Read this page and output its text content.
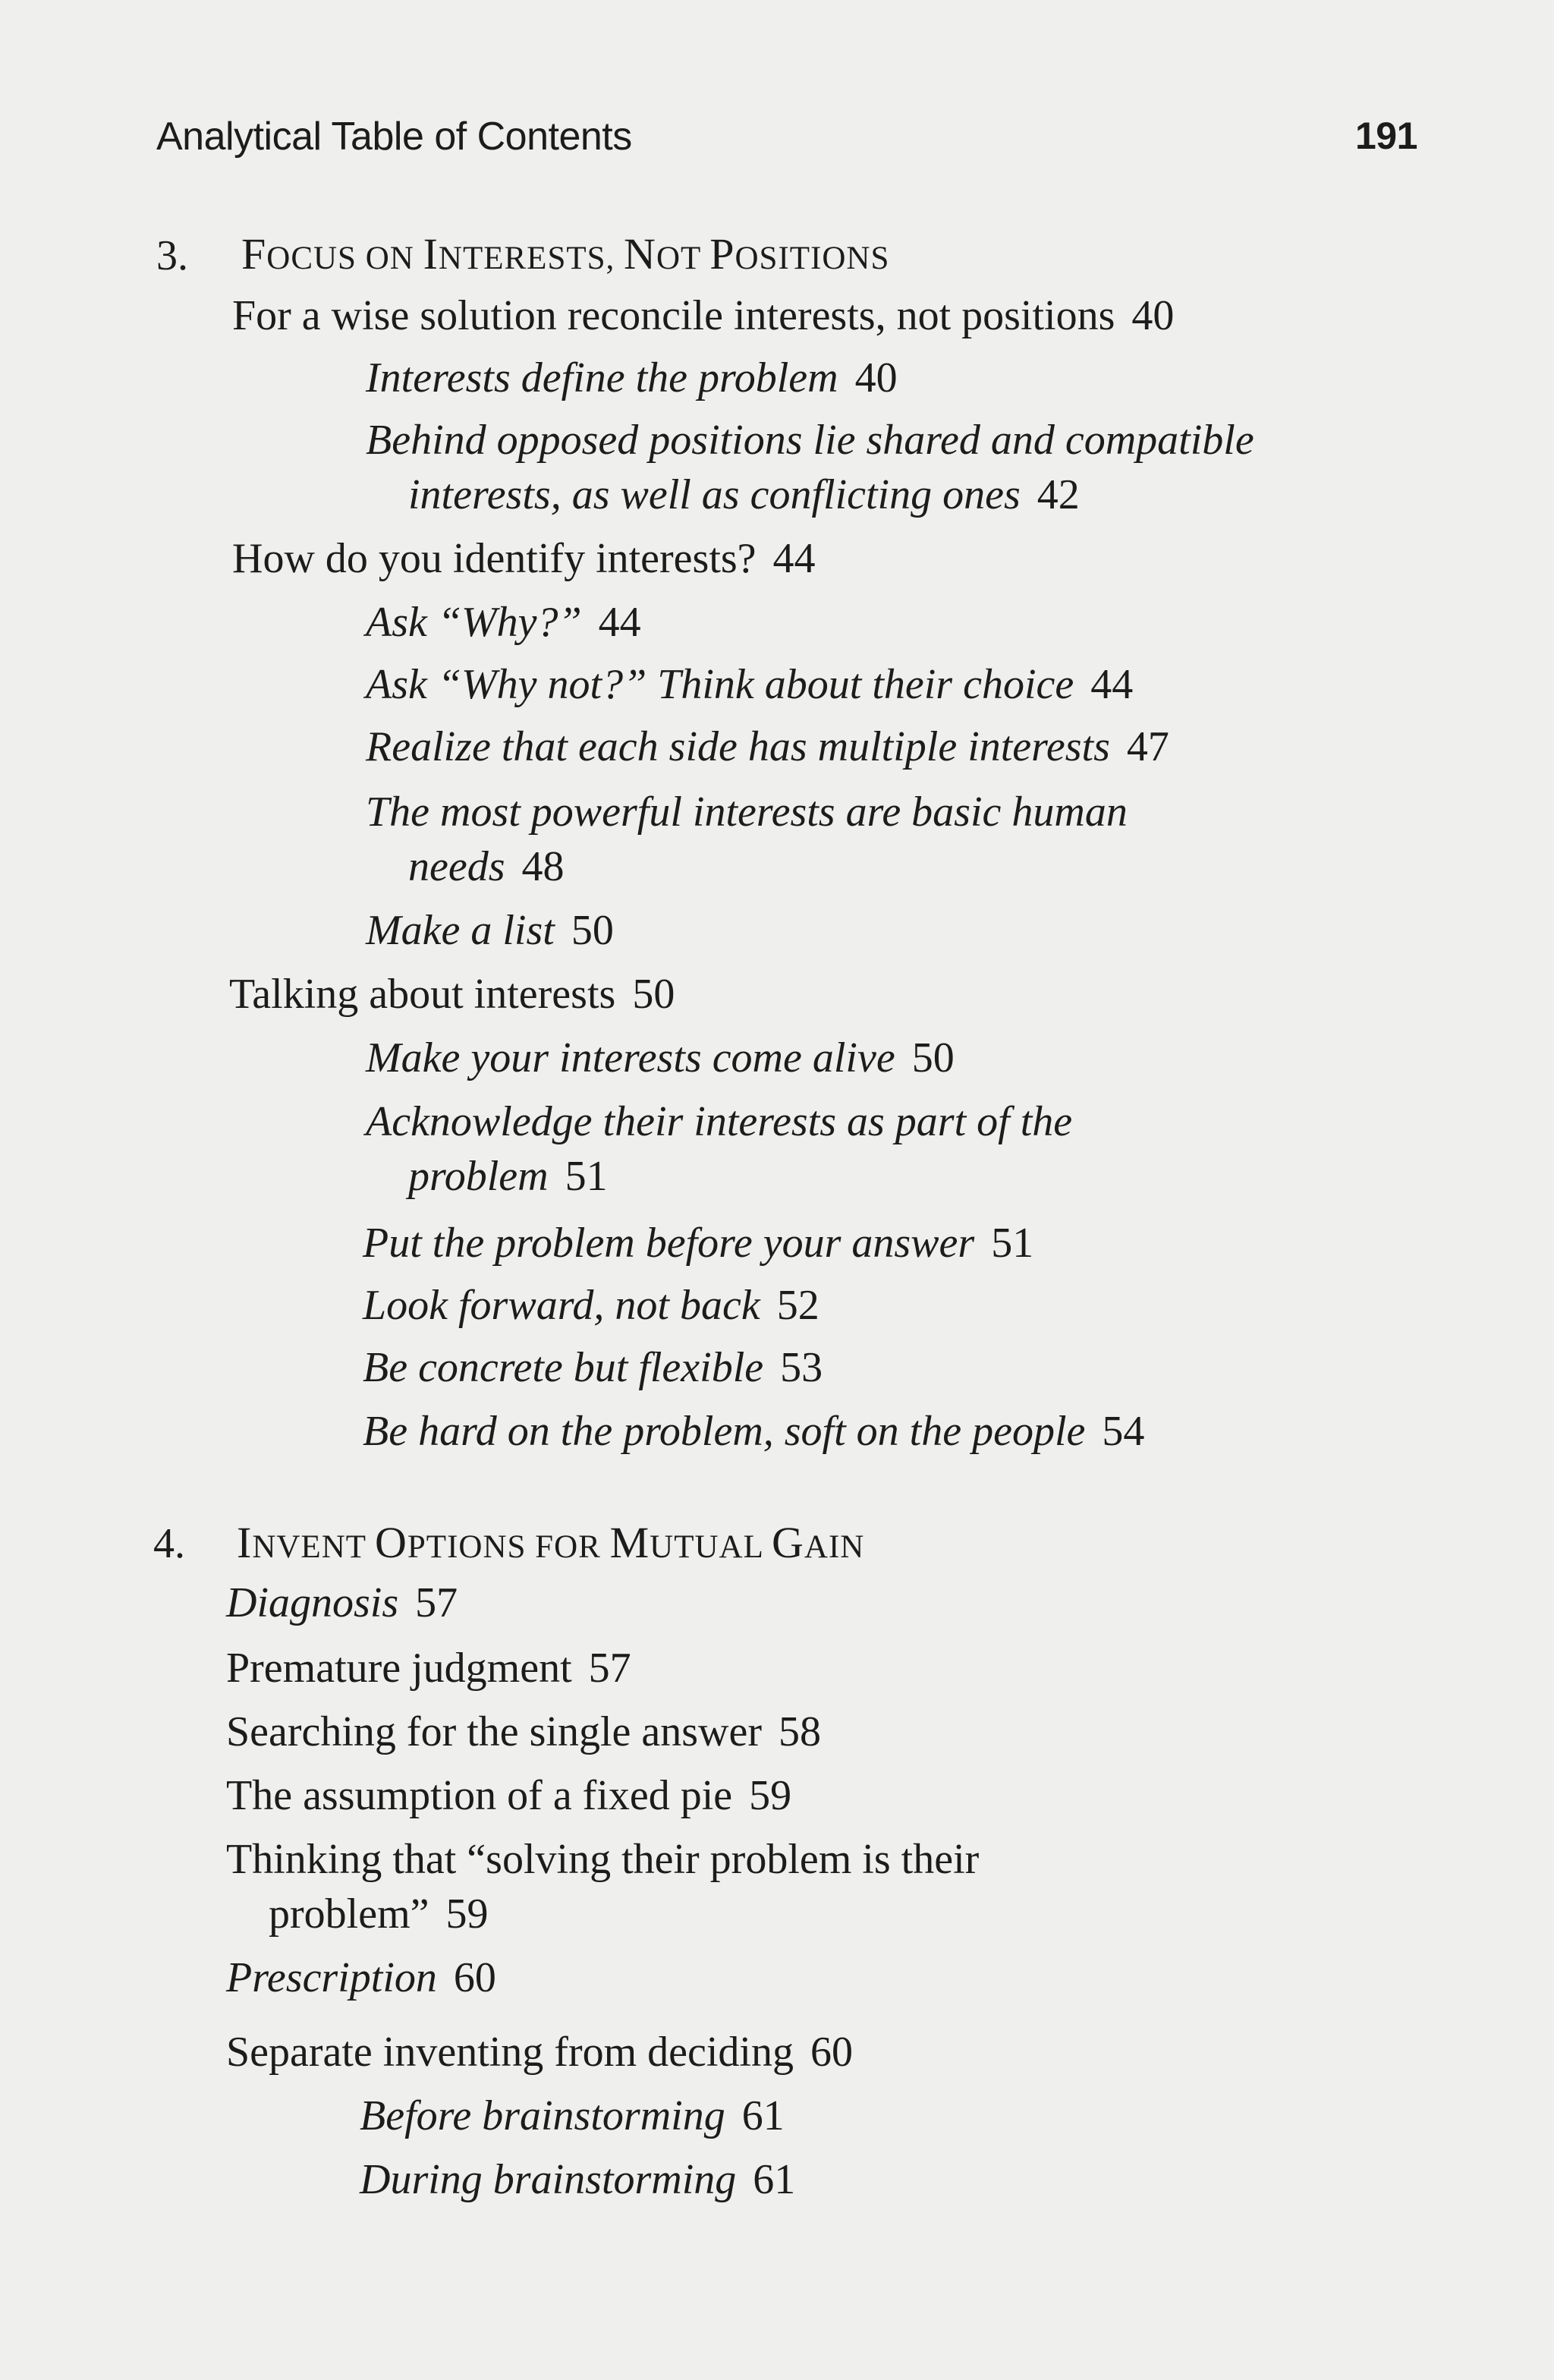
Analytical Table of Contents	191
3. FOCUS ON INTERESTS, NOT POSITIONS
For a wise solution reconcile interests, not positions 40
Interests define the problem 40
Behind opposed positions lie shared and compatible
interests, as well as conflicting ones 42
How do you identify interests? 44
Ask “Why?” 44
Ask “Why not?” Think about their choice 44
Realize that each side has multiple interests 47
The most powerful interests are basic human
needs 48
Make a list 50
Talking about interests 50
Make your interests come alive 50
Acknowledge their interests as part of the
problem 51
Put the problem before your answer 51
Look forward, not back 52
Be concrete but flexible 53
Be hard on the problem, soft on the people 54
4. INVENT OPTIONS FOR MUTUAL GAIN
Diagnosis 57
Premature judgment 57
Searching for the single answer 58
The assumption of a fixed pie 59
Thinking that “solving their problem is their
problem” 59
Prescription 60
Separate inventing from deciding 60
Before brainstorming 61
During brainstorming 61
